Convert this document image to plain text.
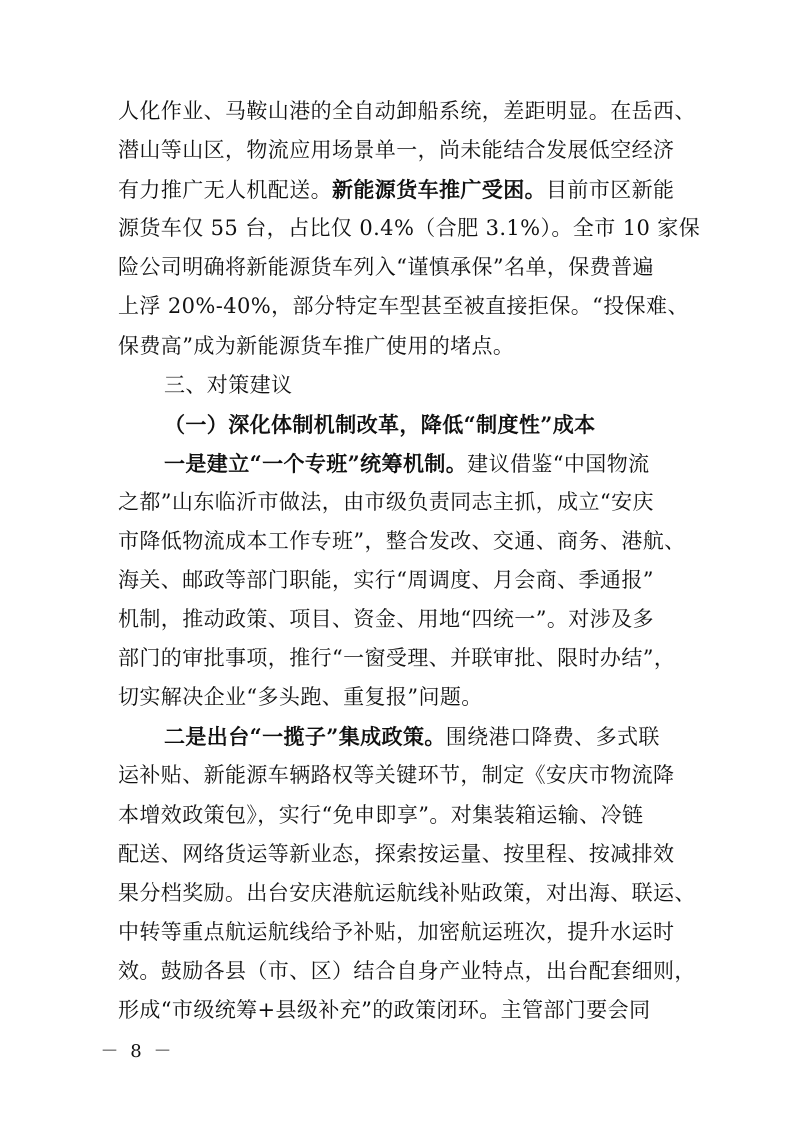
人化作业、马鞍山港的全自动卸船系统，差距明显。在岳西、
潜山等山区，物流应用场景单一，尚未能结合发展低空经济
有力推广无人机配送。新能源货车推广受困。目前市区新能
源货车仅 55 台，占比仅 0.4%（合肥 3.1%）。全市 10 家保
险公司明确将新能源货车列入“谨慎承保”名单，保费普遍
上浮 20%-40%，部分特定车型甚至被直接拒保。“投保难、
保费高”成为新能源货车推广使用的堵点。
三、对策建议
（一）深化体制机制改革，降低“制度性”成本
一是建立“一个专班”统筹机制。建议借鉴“中国物流
之都”山东临沂市做法，由市级负责同志主抓，成立“安庆
市降低物流成本工作专班”，整合发改、交通、商务、港航、
海关、邮政等部门职能，实行“周调度、月会商、季通报”
机制，推动政策、项目、资金、用地“四统一”。对涉及多
部门的审批事项，推行“一窗受理、并联审批、限时办结”，
切实解决企业“多头跑、重复报”问题。
二是出台“一揽子”集成政策。围绕港口降费、多式联
运补贴、新能源车辆路权等关键环节，制定《安庆市物流降
本增效政策包》，实行“免申即享”。对集装箱运输、冷链
配送、网络货运等新业态，探索按运量、按里程、按减排效
果分档奖励。出台安庆港航运航线补贴政策，对出海、联运、
－ 8 －
中转等重点航运航线给予补贴，加密航运班次，提升水运时
效。鼓励各县（市、区）结合自身产业特点，出台配套细则，
形成“市级统筹+县级补充”的政策闭环。主管部门要会同
